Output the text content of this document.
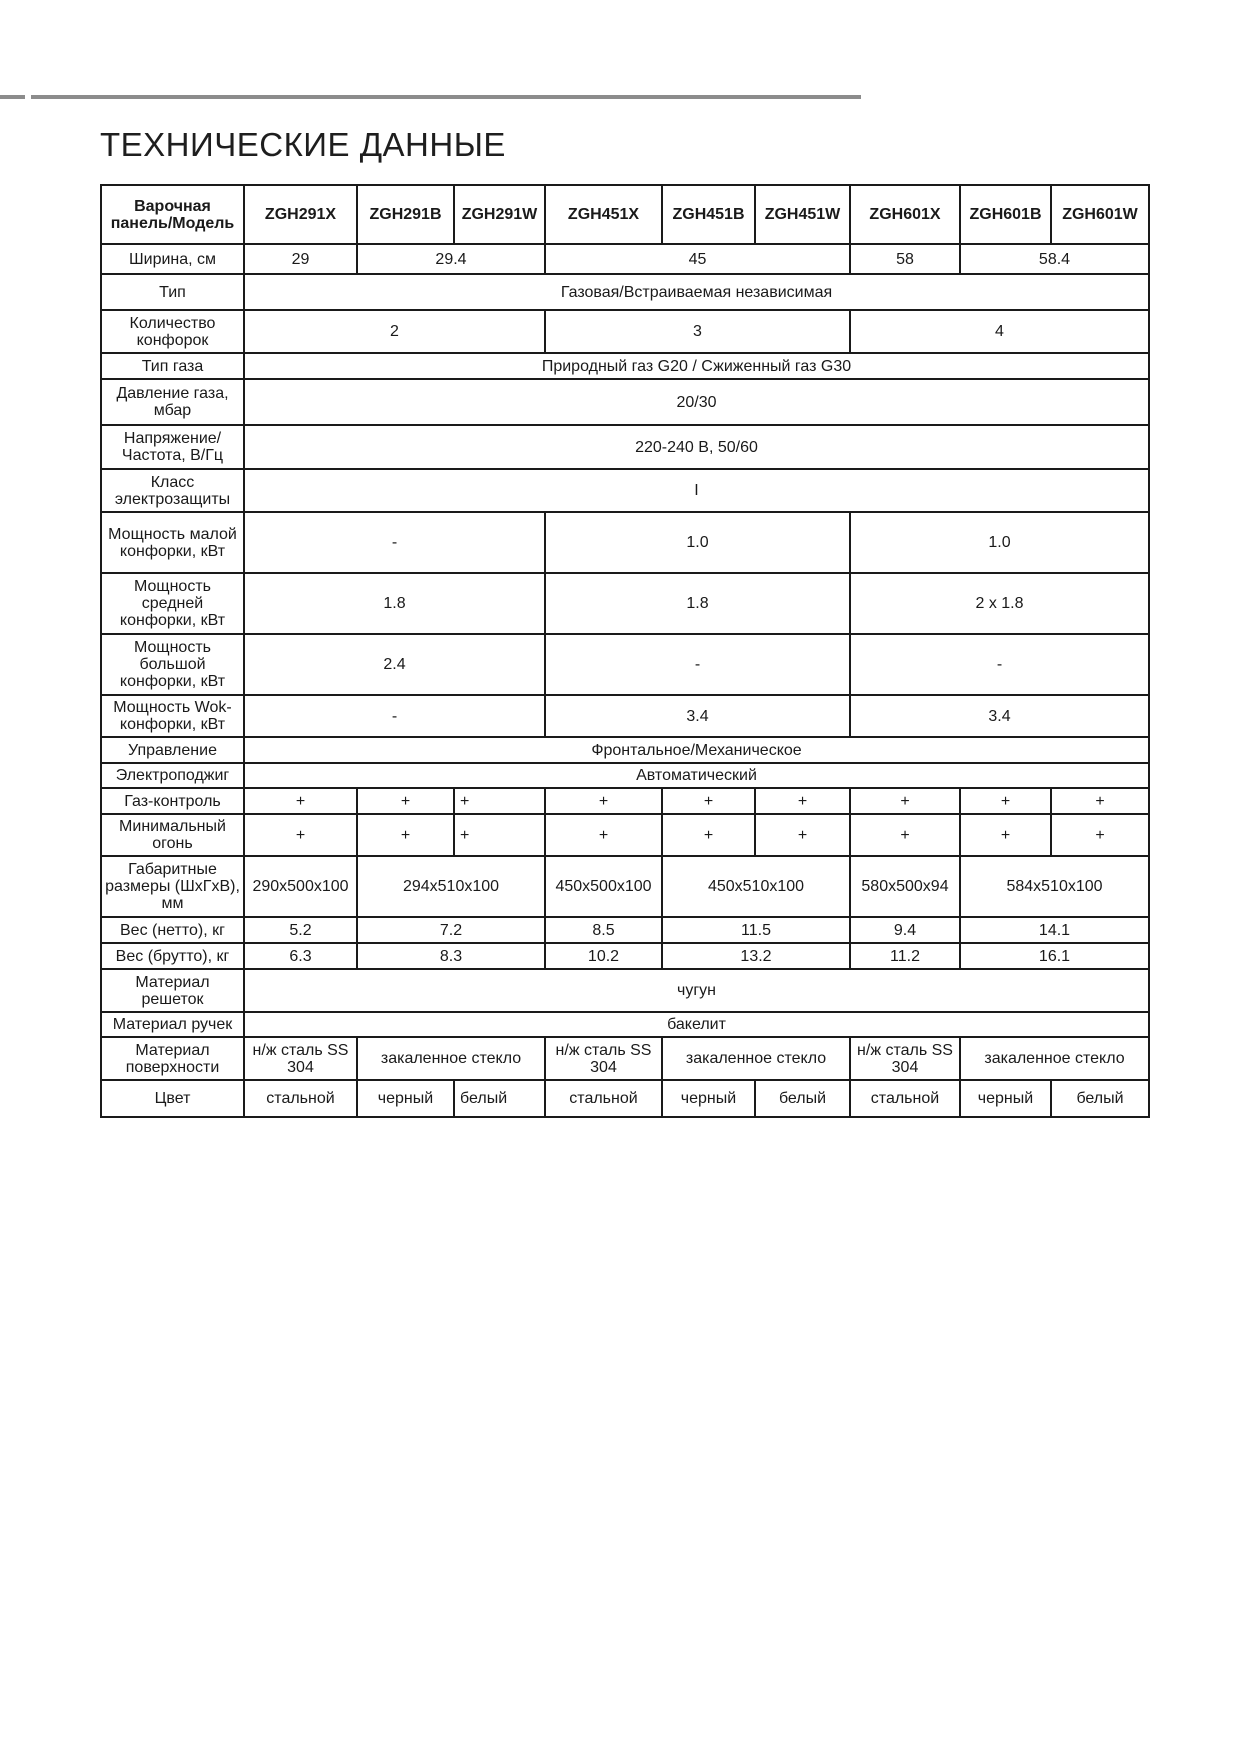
ТЕХНИЧЕСКИЕ ДАННЫЕ
Варочная панель/Модель	ZGH291X	ZGH291B	ZGH291W	ZGH451X	ZGH451B	ZGH451W	ZGH601X	ZGH601B	ZGH601W
Ширина, см	29	29.4		45			58	58.4	
Тип	Газовая/Встраиваемая независимая								
Количество конфорок	2			3			4		
Тип газа	Природный газ G20 / Сжиженный газ G30								
Давление газа, мбар	20/30								
Напряжение/ Частота, В/Гц	220-240 В, 50/60								
Класс электрозащиты	I								
Мощность малой конфорки, кВт	-			1.0			1.0		
Мощность средней конфорки, кВт	1.8			1.8			2 x 1.8		
Мощность большой конфорки, кВт	2.4			-			-		
Мощность Wok-конфорки, кВт	-			3.4			3.4		
Управление	Фронтальное/Механическое								
Электроподжиг	Автоматический								
Газ-контроль	+	+	+	+	+	+	+	+	+
Минимальный огонь	+	+	+	+	+	+	+	+	+
Габаритные размеры (ШхГхВ), мм	290x500x100	294x510x100		450x500x100	450x510x100		580x500x94	584x510x100	
Вес (нетто), кг	5.2	7.2		8.5	11.5		9.4	14.1	
Вес (брутто), кг	6.3	8.3		10.2	13.2		11.2	16.1	
Материал решеток	чугун								
Материал ручек	бакелит								
Материал поверхности	н/ж сталь SS 304	закаленное стекло		н/ж сталь SS 304	закаленное стекло		н/ж сталь SS 304	закаленное стекло	
Цвет	стальной	черный	белый	стальной	черный	белый	стальной	черный	белый
